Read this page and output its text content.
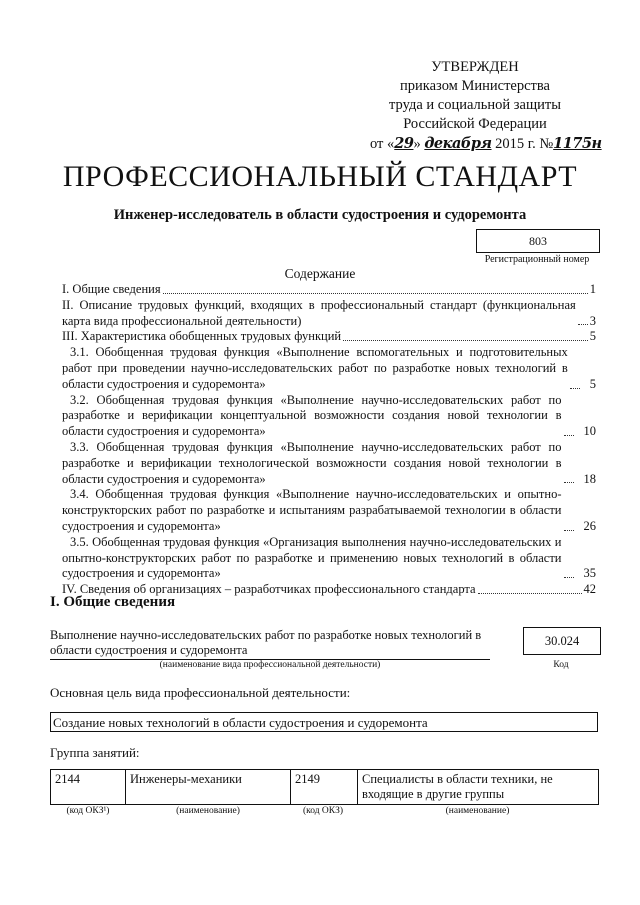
УТВЕРЖДЕН
приказом Министерства
труда и социальной защиты
Российской Федерации
от «29» декабря 2015 г. №1175н
ПРОФЕССИОНАЛЬНЫЙ СТАНДАРТ
Инженер-исследователь в области судостроения и судоремонта
803
Регистрационный номер
Содержание
I. Общие сведения	1
II. Описание трудовых функций, входящих в профессиональный стандарт (функциональная карта вида профессиональной деятельности)	3
III. Характеристика обобщенных трудовых функций	5
3.1. Обобщенная трудовая функция «Выполнение вспомогательных и подготовительных работ при проведении научно-исследовательских работ по разработке новых технологий в области судостроения и судоремонта»	5
3.2. Обобщенная трудовая функция «Выполнение научно-исследовательских работ по разработке и верификации концептуальной возможности создания новой технологии в области судостроения и судоремонта»	10
3.3. Обобщенная трудовая функция «Выполнение научно-исследовательских работ по разработке и верификации технологической возможности создания новой технологии в области судостроения и судоремонта»	18
3.4. Обобщенная трудовая функция «Выполнение научно-исследовательских и опытно-конструкторских работ по разработке и испытаниям разрабатываемой технологии в области судостроения и судоремонта»	26
3.5. Обобщенная трудовая функция «Организация выполнения научно-исследовательских и опытно-конструкторских работ по разработке и применению новых технологий в области судостроения и судоремонта»	35
IV. Сведения об организациях – разработчиках профессионального стандарта	42
I. Общие сведения
Выполнение научно-исследовательских работ по разработке новых технологий в области судостроения и судоремонта
(наименование вида профессиональной деятельности)
30.024
Код
Основная цель вида профессиональной деятельности:
Создание новых технологий в области судостроения и судоремонта
Группа занятий:
2144	Инженеры-механики	2149	Специалисты в области техники, не входящие в другие группы
(код ОКЗ¹)	(наименование)	(код ОКЗ)	(наименование)
